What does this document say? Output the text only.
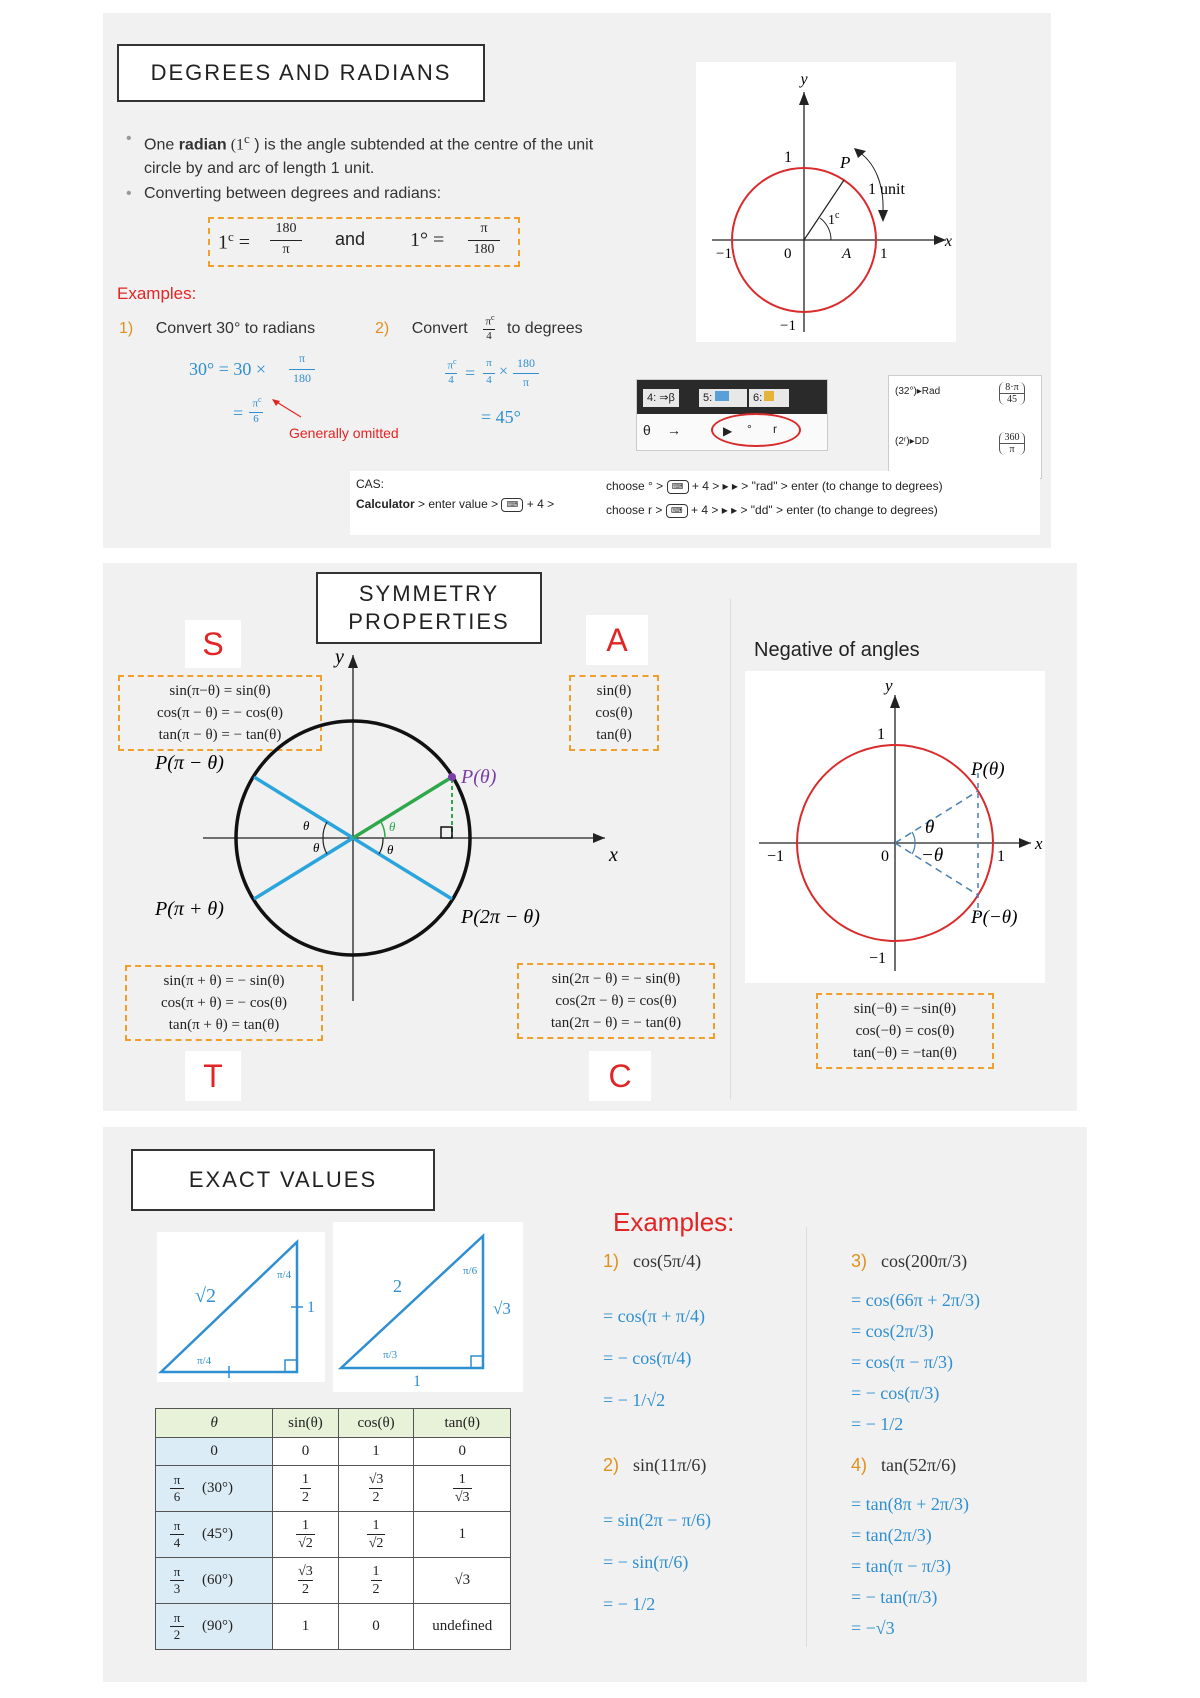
DEGREES AND RADIANS
• One radian (1$^c$ ) is the angle subtended at the centre of the unit
circle by and arc of length 1 unit.
• Converting between degrees and radians:
$1^c$ =
180
π
and 1° =
π
180
Examples:
1) Convert 30° to radians	2) Convert $\pi^c$
4 to degrees
30° = 30 ×
π
180
= $\pi^c$
6
Generally omitted
$\pi^c$
4 = π
4 × 180
π
= 45°
y
x
1	P
1 unit
$1^c$
−1	0	A 1
−1
4: ⇒β	5:	6:
θ →	▶ ° r
(32°)▸Rad	$\frac{8\cdot\pi}{45}$
(2ʳ)▸DD	$\frac{360}{\pi}$
CAS:
Calculator > enter value > ⌨ + 4 >
choose ° > ⌨ + 4 > ▸ ▸ > "rad" > enter (to change to degrees)
choose r > ⌨ + 4 > ▸ ▸ > "dd" > enter (to change to degrees)
SYMMETRY
PROPERTIES
S	A
T	C
sin(π−θ) = sin(θ)
cos(π − θ) = − cos(θ)
tan(π − θ) = − tan(θ)
sin(θ)
cos(θ)
tan(θ)
sin(π + θ) = − sin(θ)
cos(π + θ) = − cos(θ)
tan(π + θ) = tan(θ)
sin(2π − θ) = − sin(θ)
cos(2π − θ) = cos(θ)
tan(2π − θ) = − tan(θ)
y
x
P(θ)
P(π − θ)
P(π + θ)	P(2π − θ)
θ
θ
θ	θ
Negative of angles
y
x
1
P(θ)
θ
−θ
−1	0	1
P(−θ)
−1
sin(−θ) = −sin(θ)
cos(−θ) = cos(θ)
tan(−θ) = −tan(θ)
EXACT VALUES
√2
π/4
π/4
1
2
π/6
π/3
√3
1
θ	sin(θ)	cos(θ)	tan(θ)
0	0	1	0

$\frac{\pi}{6} (30^\circ)$	$\frac{1}{2}$	$\frac{√3}{2}$	$\frac{1}{√3}$

$\frac{\pi}{4} (45^\circ)$	$\frac{1}{√2}$	$\frac{1}{√2}$	1

$\frac{\pi}{3} (60^\circ)$	$\frac{√3}{2}$	$\frac{1}{2}$	√3

$\frac{\pi}{2} (90^\circ)$	1	0	undefined
Examples:
1) cos(5π/4)
= cos(π + π/4)
= − cos(π/4)
= − 1/√2
2) sin(11π/6)
= sin(2π − π/6)
= − sin(π/6)
= − 1/2
3) cos(200π/3)
= cos(66π + 2π/3)
= cos(2π/3)
= cos(π − π/3)
= − cos(π/3)
= − 1/2
4) tan(52π/6)
= tan(8π + 2π/3)
= tan(2π/3)
= tan(π − π/3)
= − tan(π/3)
= −√3
